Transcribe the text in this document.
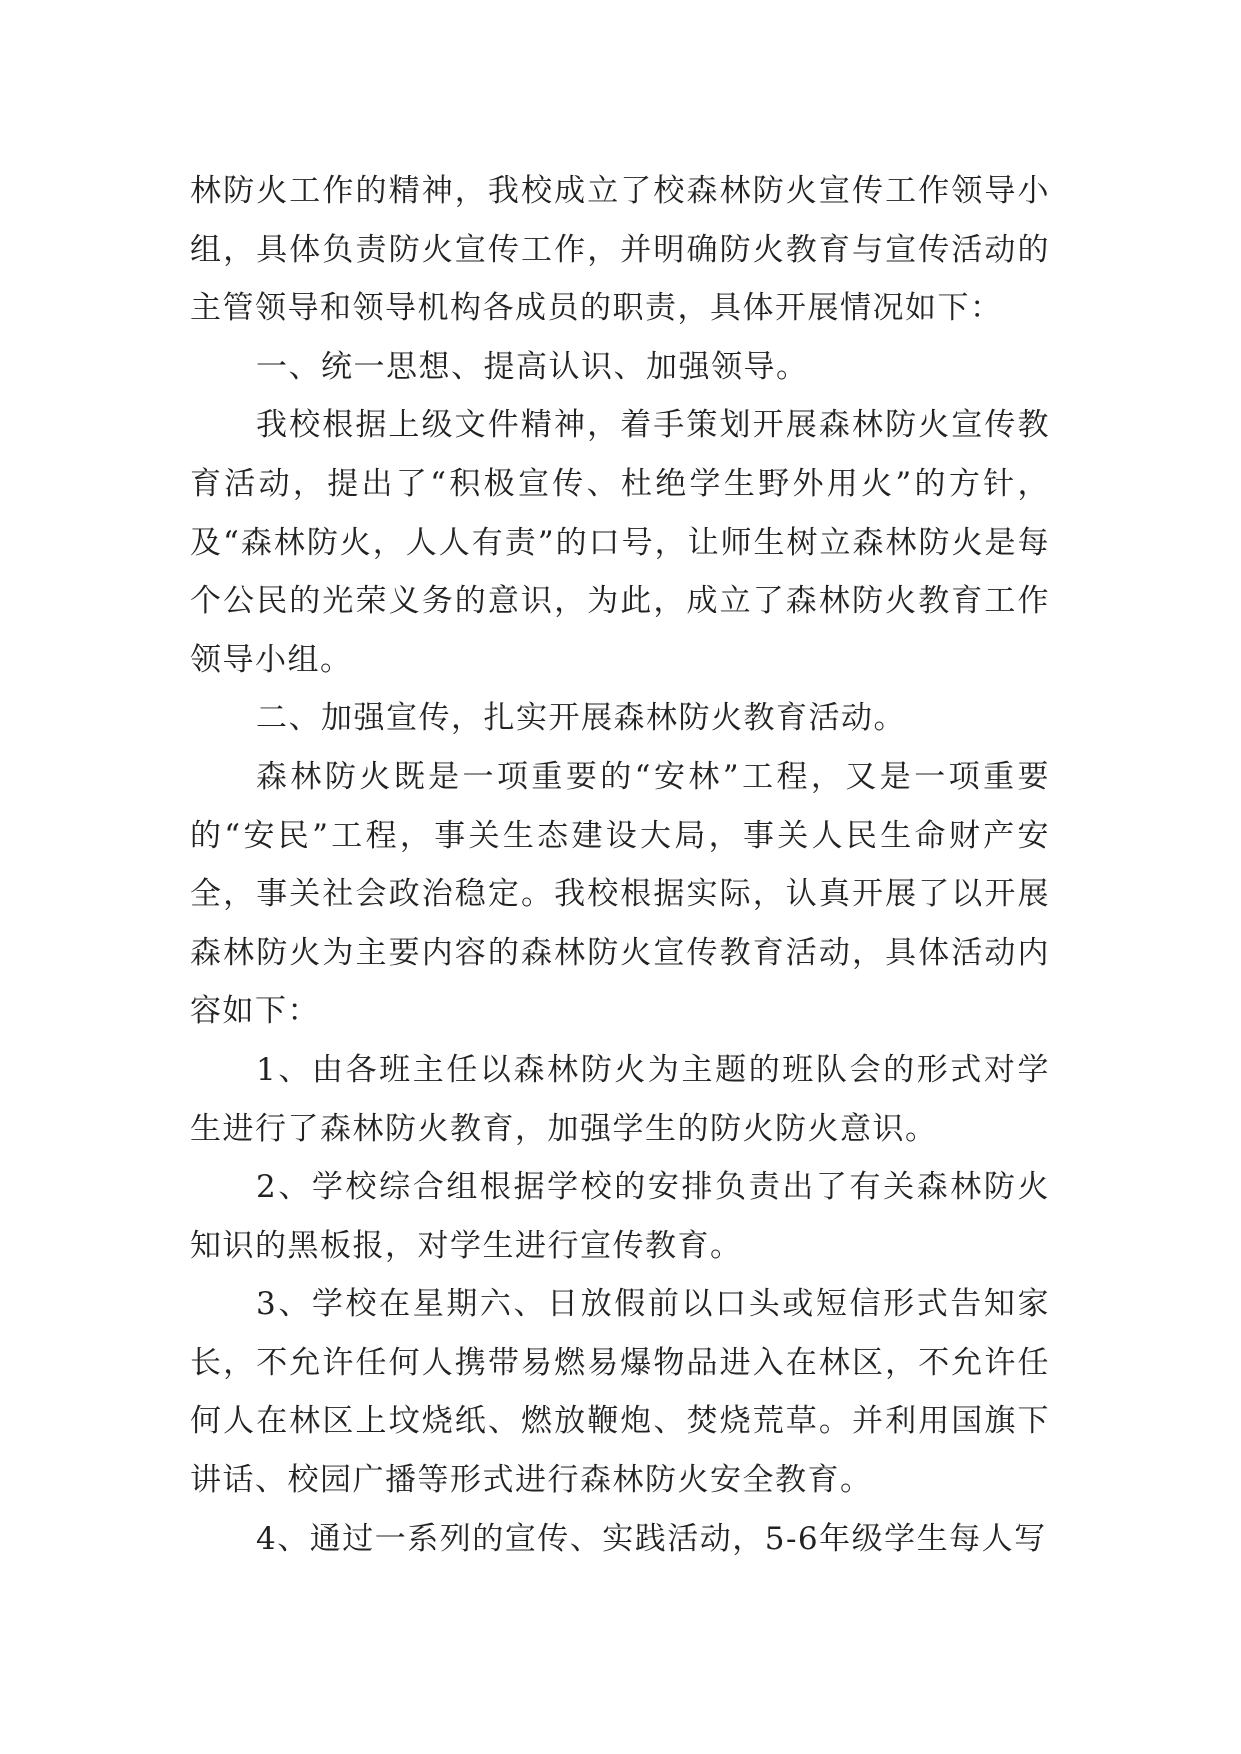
林防火工作的精神，我校成立了校森林防火宣传工作领导小组，具体负责防火宣传工作，并明确防火教育与宣传活动的主管领导和领导机构各成员的职责，具体开展情况如下：

一、统一思想、提高认识、加强领导。

我校根据上级文件精神，着手策划开展森林防火宣传教育活动，提出了“积极宣传、杜绝学生野外用火”的方针，及“森林防火，人人有责”的口号，让师生树立森林防火是每个公民的光荣义务的意识，为此，成立了森林防火教育工作领导小组。

二、加强宣传，扎实开展森林防火教育活动。

森林防火既是一项重要的“安林”工程，又是一项重要的“安民”工程，事关生态建设大局，事关人民生命财产安全，事关社会政治稳定。我校根据实际，认真开展了以开展森林防火为主要内容的森林防火宣传教育活动，具体活动内容如下：

1、由各班主任以森林防火为主题的班队会的形式对学生进行了森林防火教育，加强学生的防火防火意识。

2、学校综合组根据学校的安排负责出了有关森林防火知识的黑板报，对学生进行宣传教育。

3、学校在星期六、日放假前以口头或短信形式告知家长，不允许任何人携带易燃易爆物品进入在林区，不允许任何人在林区上坟烧纸、燃放鞭炮、焚烧荒草。并利用国旗下讲话、校园广播等形式进行森林防火安全教育。

4、通过一系列的宣传、实践活动，5-6年级学生每人写
